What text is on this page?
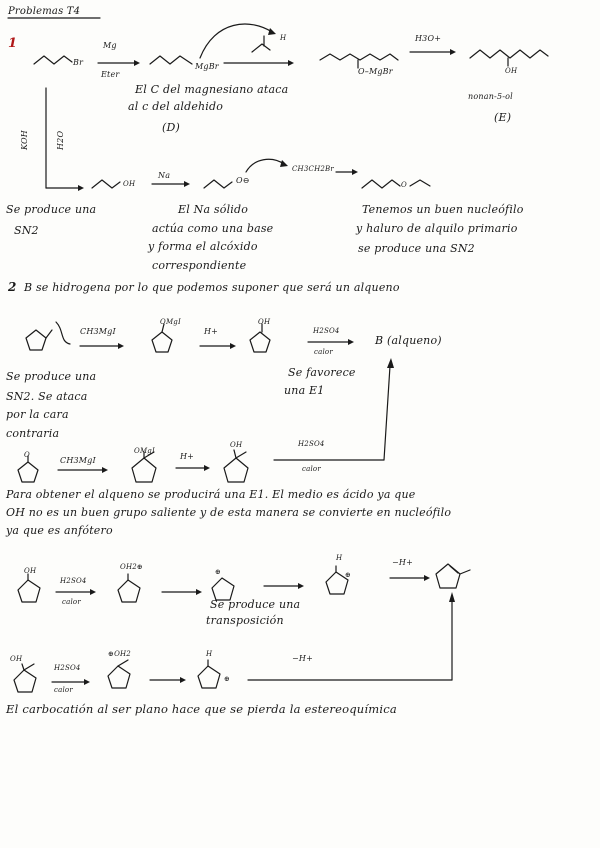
Problemas T4
1
Br
Mg
Eter
MgBr
H
O–MgBr
H3O+
OH
nonan-5-ol
El C del magnesiano ataca
al c del aldehido
(D)
(E)
KOH	H2O
OH
Na
O⊖
CH3CH2Br
O
Se produce una
SN2
El Na sólido
actúa como una base
y forma el alcóxido
correspondiente
Tenemos un buen nucleófilo
y haluro de alquilo primario
se produce una SN2
2 B se hidrogena por lo que podemos suponer que será un alqueno
CH3MgI
OMgI
H+
OH
H2SO4
calor
B (alqueno)
Se favorece
una E1
Se produce una
SN2. Se ataca
por la cara
contraria
O
CH3MgI
OMgI
H+
OH	H2SO4
calor
Para obtener el alqueno se producirá una E1. El medio es ácido ya que
OH no es un buen grupo saliente y de esta manera se convierte en nucleófilo
ya que es anfótero
OH
H2SO4
calor
OH2⊕
⊕
H
⊕
−H+
Se produce una
transposición
OH
H2SO4
calor
⊕OH2	H
⊕
−H+
El carbocatión al ser plano hace que se pierda la estereoquímica
